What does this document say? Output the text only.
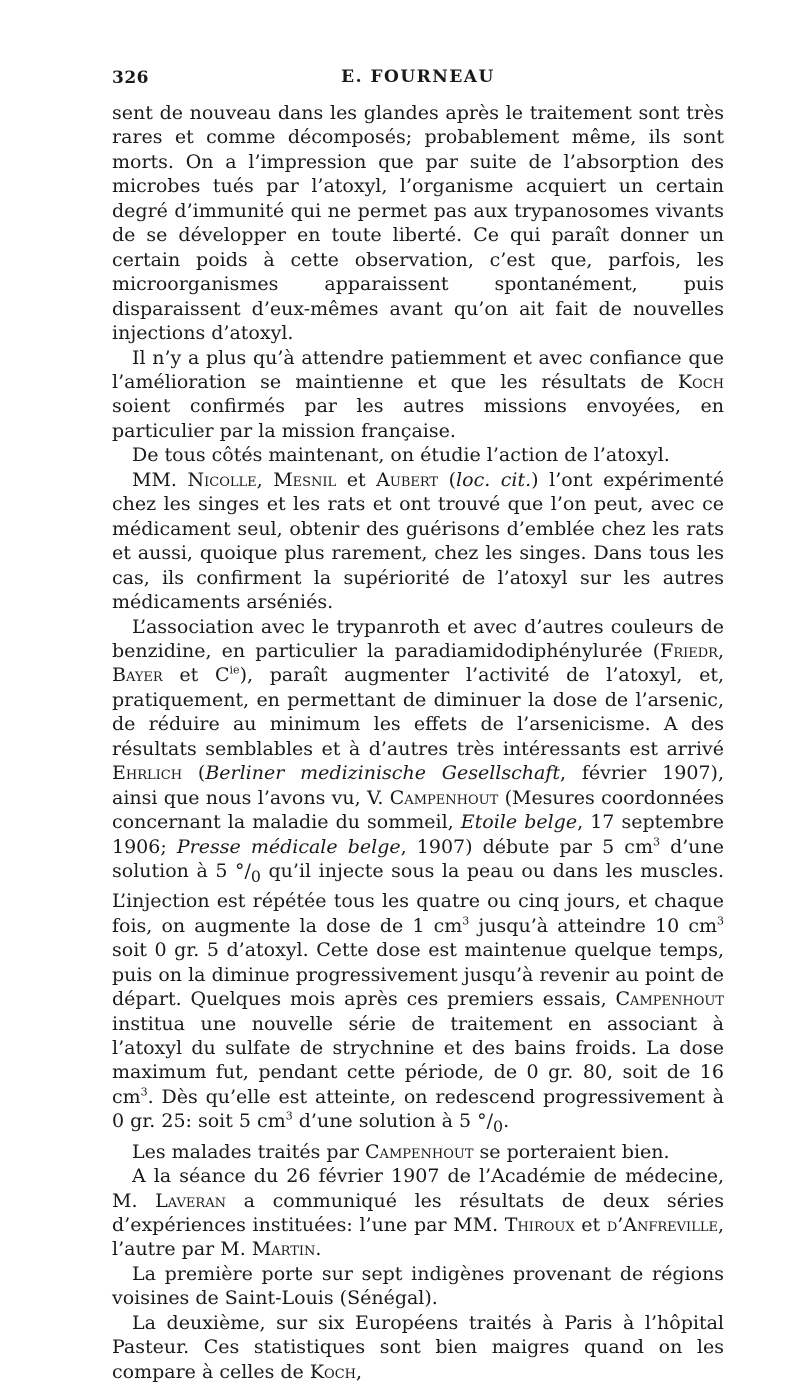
326	E. FOURNEAU

sent de nouveau dans les glandes après le traitement sont très rares et comme décomposés; probablement même, ils sont morts. On a l’impression que par suite de l’absorption des microbes tués par l’atoxyl, l’organisme acquiert un certain degré d’immunité qui ne permet pas aux trypanosomes vivants de se développer en toute liberté. Ce qui paraît donner un certain poids à cette observation, c’est que, parfois, les microorganismes apparaissent spontanément, puis disparaissent d’eux-mêmes avant qu’on ait fait de nouvelles injections d’atoxyl.

Il n’y a plus qu’à attendre patiemment et avec confiance que l’amélioration se maintienne et que les résultats de Koch soient confirmés par les autres missions envoyées, en particulier par la mission française.

De tous côtés maintenant, on étudie l’action de l’atoxyl.

MM. Nicolle, Mesnil et Aubert (loc. cit.) l’ont expérimenté chez les singes et les rats et ont trouvé que l’on peut, avec ce médicament seul, obtenir des guérisons d’emblée chez les rats et aussi, quoique plus rarement, chez les singes. Dans tous les cas, ils confirment la supériorité de l’atoxyl sur les autres médicaments arséniés.

L’association avec le trypanroth et avec d’autres couleurs de benzidine, en particulier la paradiamidodiphénylurée (Friedr, Bayer et $C^{ie}$), paraît augmenter l’activité de l’atoxyl, et, pratiquement, en permettant de diminuer la dose de l’arsenic, de réduire au minimum les effets de l’arsenicisme. A des résultats semblables et à d’autres très intéressants est arrivé Ehrlich (Berliner medizinische Gesellschaft, février 1907), ainsi que nous l’avons vu, V. Campenhout (Mesures coordonnées concernant la maladie du sommeil, Etoile belge, 17 septembre 1906; Presse médicale belge, 1907) débute par 5 $cm^3$ d’une solution à 5 $^\circ/_0$ qu’il injecte sous la peau ou dans les muscles. L’injection est répétée tous les quatre ou cinq jours, et chaque fois, on augmente la dose de 1 $cm^3$ jusqu’à atteindre 10 $cm^3$ soit 0 gr. 5 d’atoxyl. Cette dose est maintenue quelque temps, puis on la diminue progressivement jusqu’à revenir au point de départ. Quelques mois après ces premiers essais, Campenhout institua une nouvelle série de traitement en associant à l’atoxyl du sulfate de strychnine et des bains froids. La dose maximum fut, pendant cette période, de 0 gr. 80, soit de 16 $cm^3$. Dès qu’elle est atteinte, on redescend progressivement à 0 gr. 25: soit 5 $cm^3$ d’une solution à 5 $^\circ/_0$.

Les malades traités par Campenhout se porteraient bien.

A la séance du 26 février 1907 de l’Académie de médecine, M. Laveran a communiqué les résultats de deux séries d’expériences instituées: l’une par MM. Thiroux et d’Anfreville, l’autre par M. Martin.

La première porte sur sept indigènes provenant de régions voisines de Saint-Louis (Sénégal).

La deuxième, sur six Européens traités à Paris à l’hôpital Pasteur. Ces statistiques sont bien maigres quand on les compare à celles de Koch,
